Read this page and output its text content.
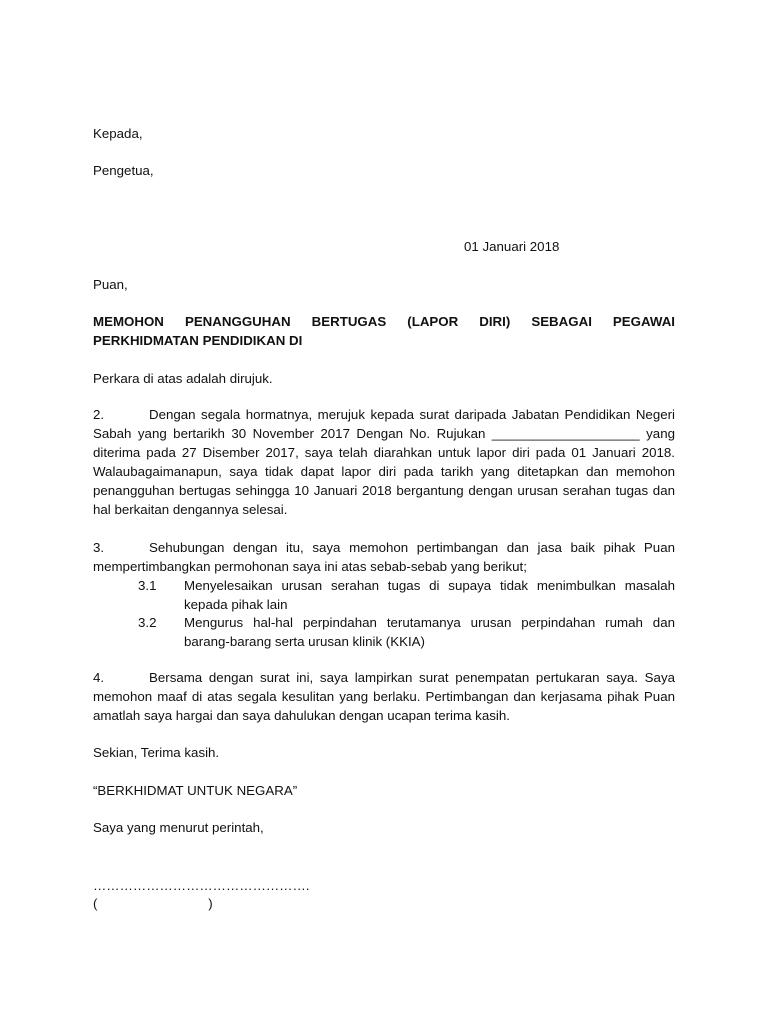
Kepada,
Pengetua,
01 Januari 2018
Puan,
MEMOHON PENANGGUHAN BERTUGAS (LAPOR DIRI) SEBAGAI PEGAWAI PERKHIDMATAN PENDIDIKAN DI
Perkara di atas adalah dirujuk.
2.	Dengan segala hormatnya, merujuk kepada surat daripada Jabatan Pendidikan Negeri Sabah yang bertarikh 30 November 2017 Dengan No. Rujukan ____________________ yang diterima pada 27 Disember 2017, saya telah diarahkan untuk lapor diri pada 01 Januari 2018. Walaubagaimanapun, saya tidak dapat lapor diri pada tarikh yang ditetapkan dan memohon penangguhan bertugas sehingga 10 Januari 2018 bergantung dengan urusan serahan tugas dan hal berkaitan dengannya selesai.
3.	Sehubungan dengan itu, saya memohon pertimbangan dan jasa baik pihak Puan mempertimbangkan permohonan saya ini atas sebab-sebab yang berikut;
3.1 Menyelesaikan urusan serahan tugas di supaya tidak menimbulkan masalah kepada pihak lain
3.2 Mengurus hal-hal perpindahan terutamanya urusan perpindahan rumah dan barang-barang serta urusan klinik (KKIA)
4.	Bersama dengan surat ini, saya lampirkan surat penempatan pertukaran saya. Saya memohon maaf di atas segala kesulitan yang berlaku. Pertimbangan dan kerjasama pihak Puan amatlah saya hargai dan saya dahulukan dengan ucapan terima kasih.
Sekian, Terima kasih.
“BERKHIDMAT UNTUK NEGARA”
Saya yang menurut perintah,
………………………………………….
(                              )
